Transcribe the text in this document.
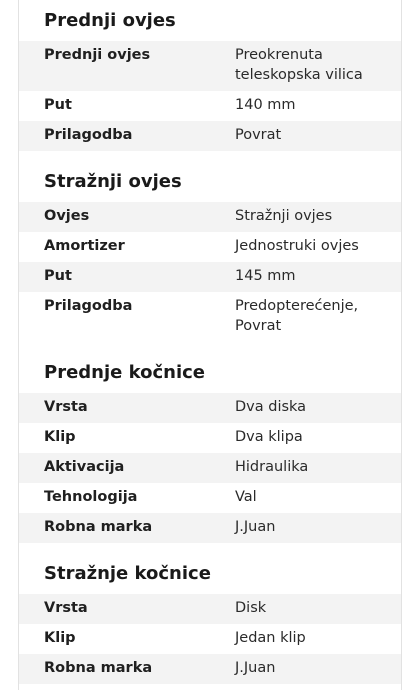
Prednji ovjes
Prednji ovjes	Preokrenuta teleskopska vilica
Put	140 mm
Prilagodba	Povrat
Stražnji ovjes
Ovjes	Stražnji ovjes
Amortizer	Jednostruki ovjes
Put	145 mm
Prilagodba	Predopterećenje, Povrat
Prednje kočnice
Vrsta	Dva diska
Klip	Dva klipa
Aktivacija	Hidraulika
Tehnologija	Val
Robna marka	J.Juan
Stražnje kočnice
Vrsta	Disk
Klip	Jedan klip
Robna marka	J.Juan
